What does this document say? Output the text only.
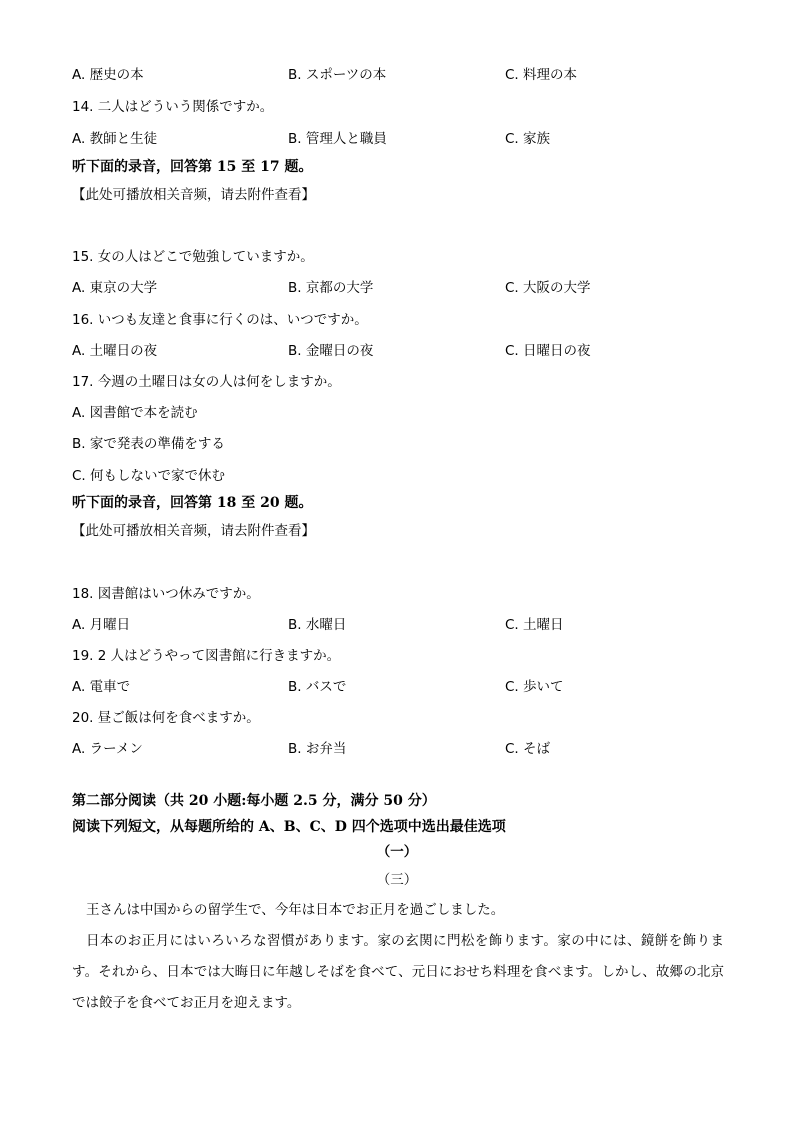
A. 歴史の本	B. スポーツの本	C. 料理の本
14. 二人はどういう関係ですか。
A. 教師と生徒	B. 管理人と職員	C. 家族
听下面的录音，回答第 15 至 17 题。
【此处可播放相关音频，请去附件查看】
15. 女の人はどこで勉強していますか。
A. 東京の大学	B. 京都の大学	C. 大阪の大学
16. いつも友達と食事に行くのは、いつですか。
A. 土曜日の夜	B. 金曜日の夜	C. 日曜日の夜
17. 今週の土曜日は女の人は何をしますか。
A. 図書館で本を読む
B. 家で発表の準備をする
C. 何もしないで家で休む
听下面的录音，回答第 18 至 20 题。
【此处可播放相关音频，请去附件查看】
18. 図書館はいつ休みですか。
A. 月曜日	B. 水曜日	C. 土曜日
19. 2 人はどうやって図書館に行きますか。
A. 電車で	B. バスで	C. 歩いて
20. 昼ご飯は何を食べますか。
A. ラーメン	B. お弁当	C. そば
第二部分阅读（共 20 小题:每小题 2.5 分，满分 50 分）
阅读下列短文，从每题所给的 A、B、C、D 四个选项中选出最佳选项
（一）
（三）

王さんは中国からの留学生で、今年は日本でお正月を過ごしました。

日本のお正月にはいろいろな習慣があります。家の玄関に門松を飾ります。家の中には、鏡餅を飾ります。それから、日本では大晦日に年越しそばを食べて、元日におせち料理を食べます。しかし、故郷の北京では餃子を食べてお正月を迎えます。
